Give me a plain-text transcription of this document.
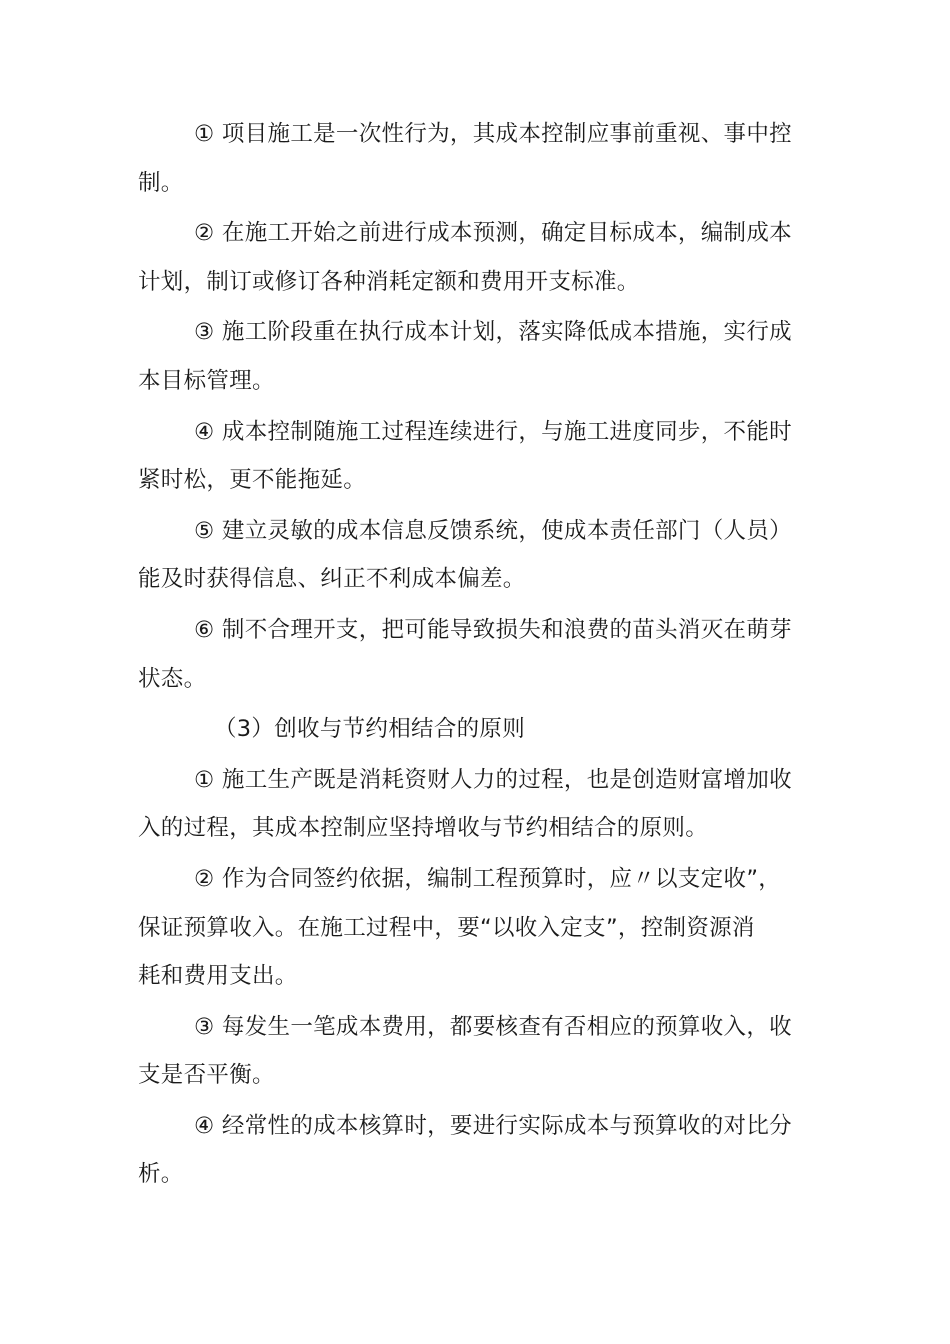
① 项目施工是一次性行为，其成本控制应事前重视、事中控
制。

② 在施工开始之前进行成本预测，确定目标成本，编制成本
计划，制订或修订各种消耗定额和费用开支标准。

③ 施工阶段重在执行成本计划，落实降低成本措施，实行成
本目标管理。

④ 成本控制随施工过程连续进行，与施工进度同步，不能时
紧时松，更不能拖延。

⑤ 建立灵敏的成本信息反馈系统，使成本责任部门（人员）
能及时获得信息、纠正不利成本偏差。

⑥ 制不合理开支，把可能导致损失和浪费的苗头消灭在萌芽
状态。

（3）创收与节约相结合的原则

① 施工生产既是消耗资财人力的过程，也是创造财富增加收
入的过程，其成本控制应坚持增收与节约相结合的原则。

② 作为合同签约依据，编制工程预算时，应〃以支定收”，
保证预算收入。在施工过程中，要“以收入定支”，控制资源消
耗和费用支出。

③ 每发生一笔成本费用，都要核查有否相应的预算收入，收
支是否平衡。

④ 经常性的成本核算时，要进行实际成本与预算收的对比分
析。
